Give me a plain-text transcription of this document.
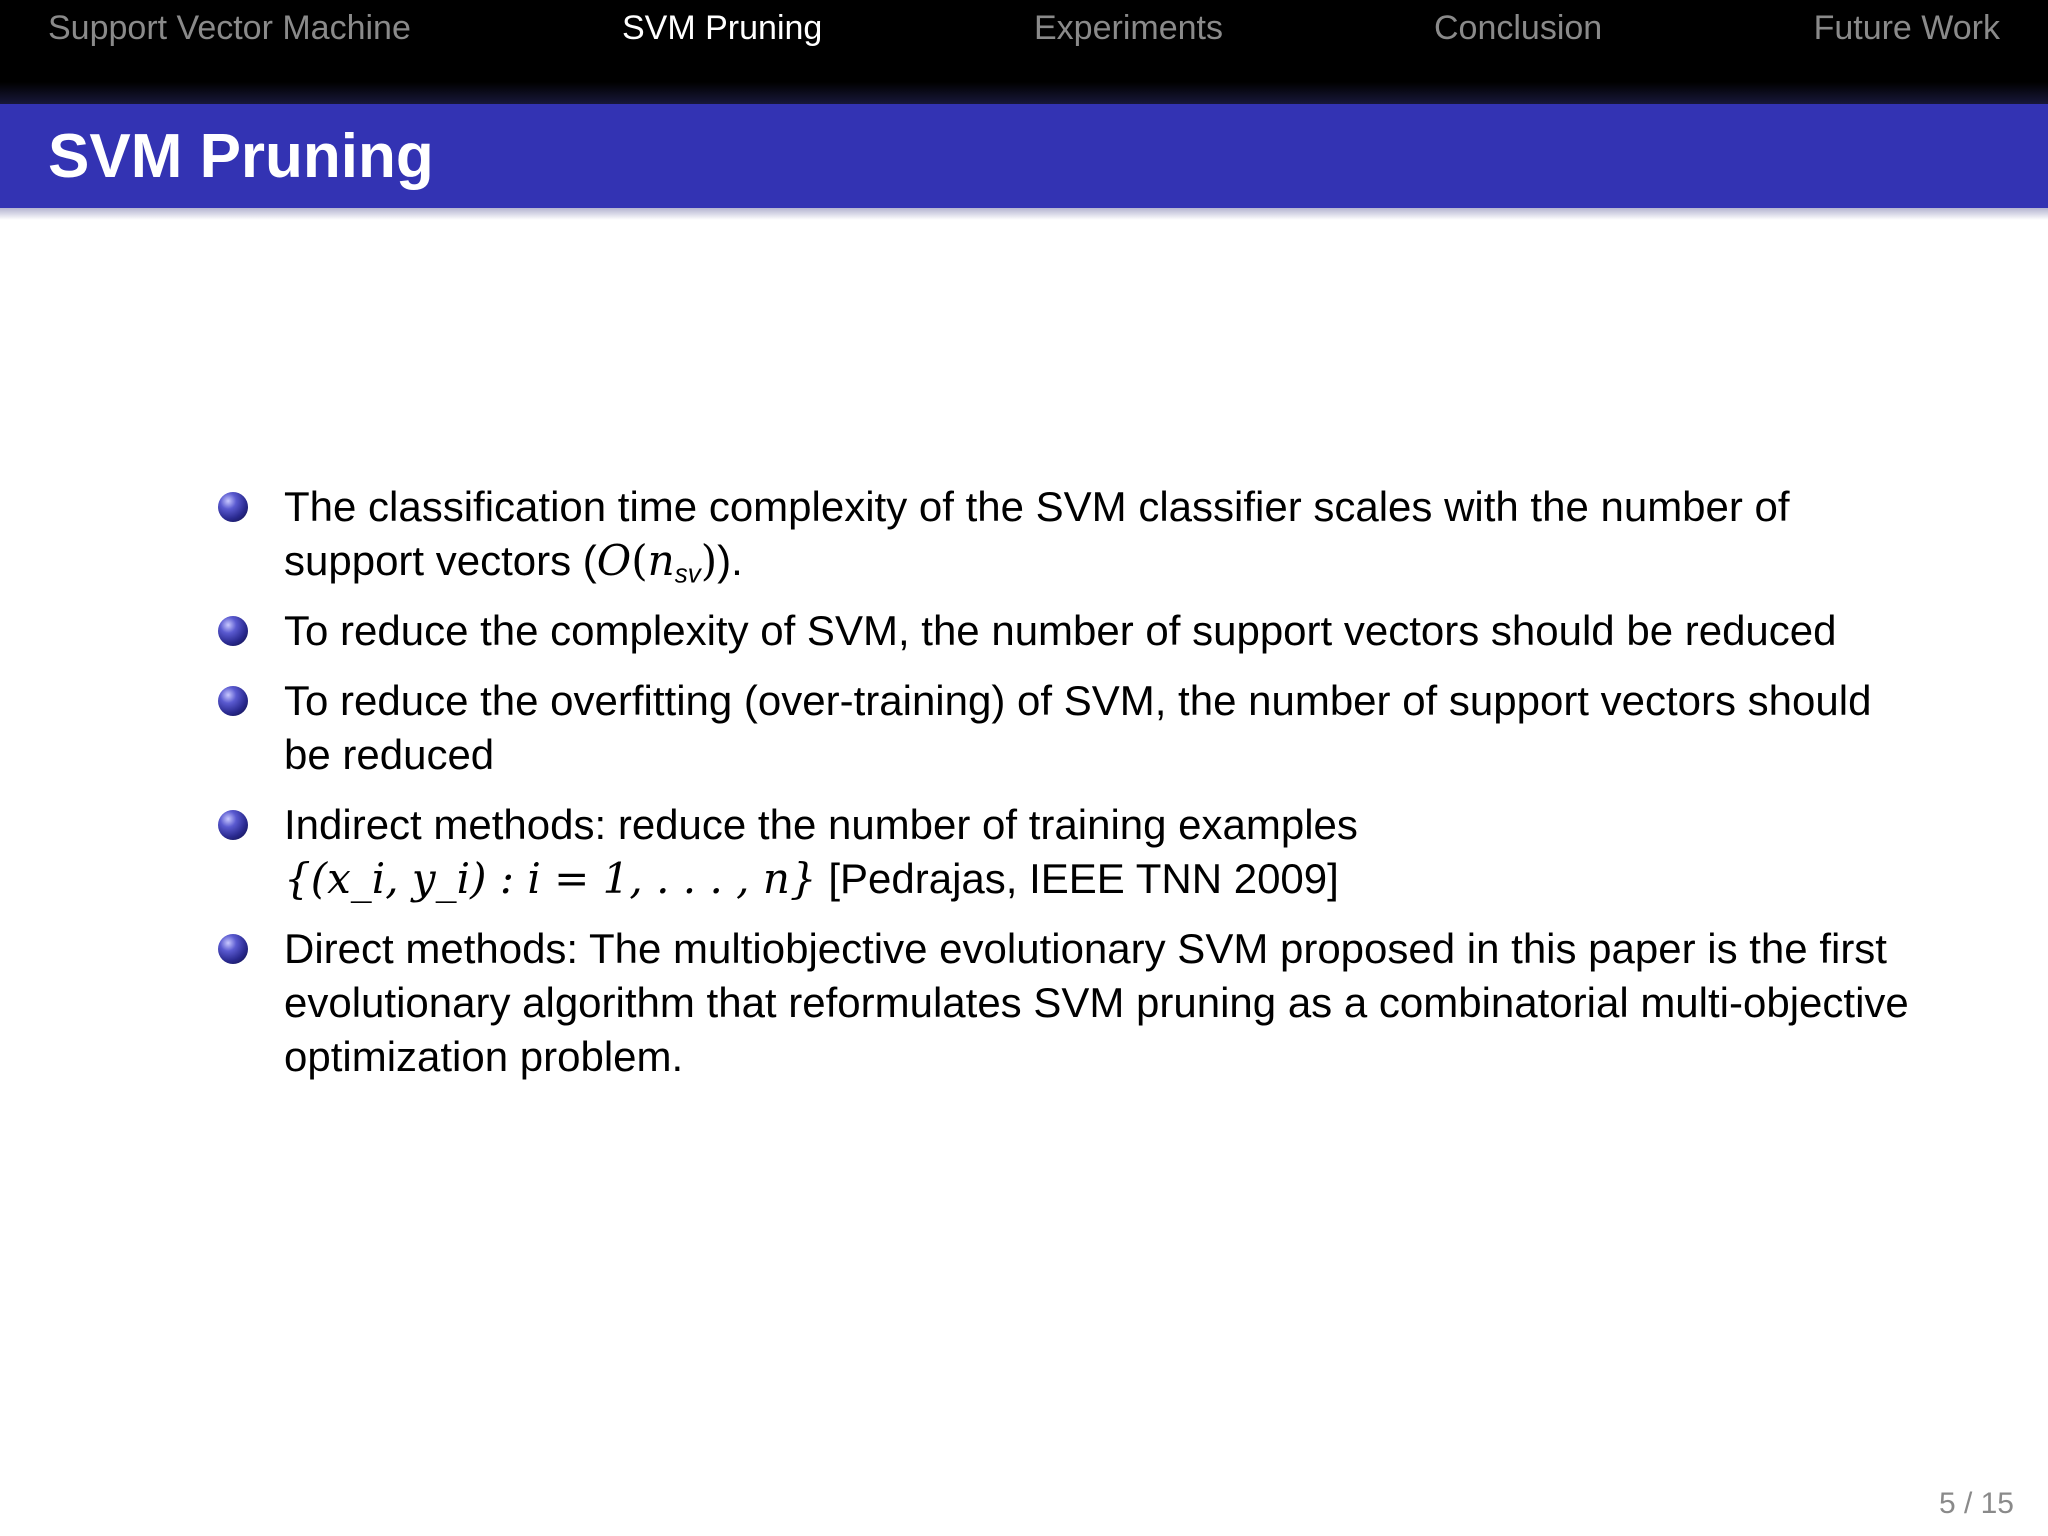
Support Vector Machine	SVM Pruning	Experiments	Conclusion	Future Work
SVM Pruning
The classification time complexity of the SVM classifier scales with the number of support vectors $(O(n_{sv}))$.
To reduce the complexity of SVM, the number of support vectors should be reduced
To reduce the overfitting (over-training) of SVM, the number of support vectors should be reduced
Indirect methods: reduce the number of training examples
{(x_i, y_i) : i = 1, . . . , n} [Pedrajas, IEEE TNN 2009]
Direct methods: The multiobjective evolutionary SVM proposed in this paper is the first evolutionary algorithm that reformulates SVM pruning as a combinatorial multi-objective optimization problem.
5 / 15
